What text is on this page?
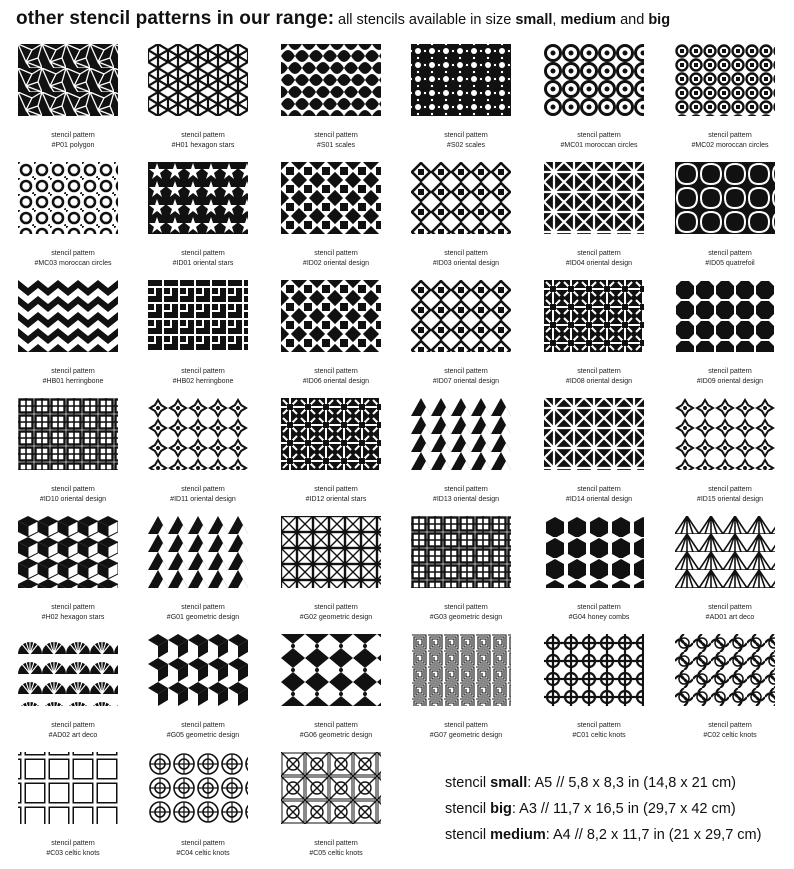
other stencil patterns in our range: all stencils available in size small, medium and big
stencil pattern
#P01 polygon
stencil pattern
#H01 hexagon stars
stencil pattern
#S01 scales
stencil pattern
#S02 scales
stencil pattern
#MC01 moroccan circles
stencil pattern
#MC02 moroccan circles
stencil pattern
#MC03 moroccan circles
stencil pattern
#ID01 oriental stars
stencil pattern
#ID02 oriental design
stencil pattern
#ID03 oriental design
stencil pattern
#ID04 oriental design
stencil pattern
#ID05 quatrefoil
stencil pattern
#HB01 herringbone
stencil pattern
#HB02 herringbone
stencil pattern
#ID06 oriental design
stencil pattern
#ID07 oriental design
stencil pattern
#ID08 oriental design
stencil pattern
#ID09 oriental design
stencil pattern
#ID10 oriental design
stencil pattern
#ID11 oriental design
stencil pattern
#ID12 oriental stars
stencil pattern
#ID13 oriental design
stencil pattern
#ID14 oriental design
stencil pattern
#ID15 oriental design
stencil pattern
#H02 hexagon stars
stencil pattern
#G01 geometric design
stencil pattern
#G02 geometric design
stencil pattern
#G03 geometric design
stencil pattern
#G04 honey combs
stencil pattern
#AD01 art deco
stencil pattern
#AD02 art deco
stencil pattern
#G05 geometric design
stencil pattern
#G06 geometric design
stencil pattern
#G07 geometric design
stencil pattern
#C01 celtic knots
stencil pattern
#C02 celtic knots
stencil pattern
#C03 celtic knots
stencil pattern
#C04 celtic knots
stencil pattern
#C05 celtic knots
stencil small: A5 // 5,8 x 8,3 in (14,8 x 21 cm)
stencil big: A3 // 11,7 x 16,5 in (29,7 x 42 cm)
stencil medium: A4 // 8,2 x 11,7 in (21 x 29,7 cm)
